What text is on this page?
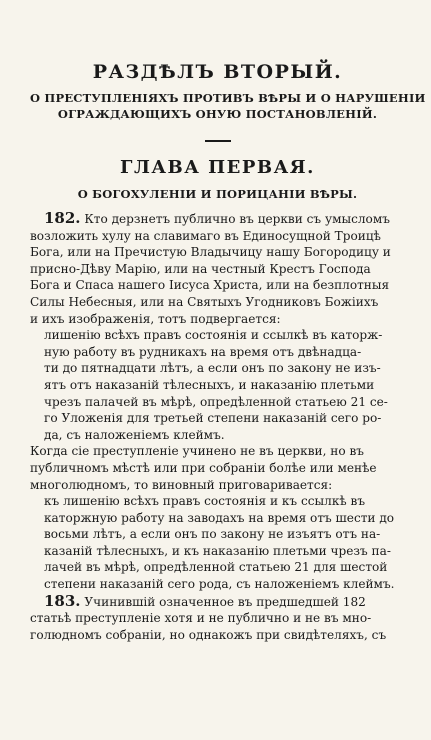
РАЗДѢЛЪ ВТОРЫЙ.
О ПРЕСТУПЛЕНІЯХЪ ПРОТИВЪ ВѢРЫ И О НАРУШЕНІИ
ОГРАЖДАЮЩИХЪ ОНУЮ ПОСТАНОВЛЕНІЙ.
ГЛАВА ПЕРВАЯ.
О БОГОХУЛЕНІИ И ПОРИЦАНІИ ВѢРЫ.
182. Кто дерзнетъ публично въ церкви съ умысломъ
возложить хулу на славимаго въ Единосущной Троицѣ
Бога, или на Пречистую Владычицу нашу Богородицу и
присно-Дѣву Марію, или на честный Крестъ Господа
Бога и Спаса нашего Іисуса Христа, или на безплотныя
Силы Небесныя, или на Святыхъ Угодниковъ Божіихъ
и ихъ изображенія, тотъ подвергается:
лишенію всѣхъ правъ состоянія и ссылкѣ въ каторж-
ную работу въ рудникахъ на время отъ двѣнадца-
ти до пятнадцати лѣтъ, а если онъ по закону не изъ-
ятъ отъ наказаній тѣлесныхъ, и наказанію плетьми
чрезъ палачей въ мѣрѣ, опредѣленной статьею 21 се-
го Уложенія для третьей степени наказаній сего ро-
да, съ наложеніемъ клеймъ.
Когда сіе преступленіе учинено не въ церкви, но въ
публичномъ мѣстѣ или при собраніи болѣе или менѣе
многолюдномъ, то виновный приговаривается:
къ лишенію всѣхъ правъ состоянія и къ ссылкѣ въ
каторжную работу на заводахъ на время отъ шести до
восьми лѣтъ, а если онъ по закону не изъятъ отъ на-
казаній тѣлесныхъ, и къ наказанію плетьми чрезъ па-
лачей въ мѣрѣ, опредѣленной статьею 21 для шестой
степени наказаній сего рода, съ наложеніемъ клеймъ.
183. Учинившій означенное въ предшедшей 182
статьѣ преступленіе хотя и не публично и не въ мно-
голюдномъ собраніи, но однакожъ при свидѣтеляхъ, съ
